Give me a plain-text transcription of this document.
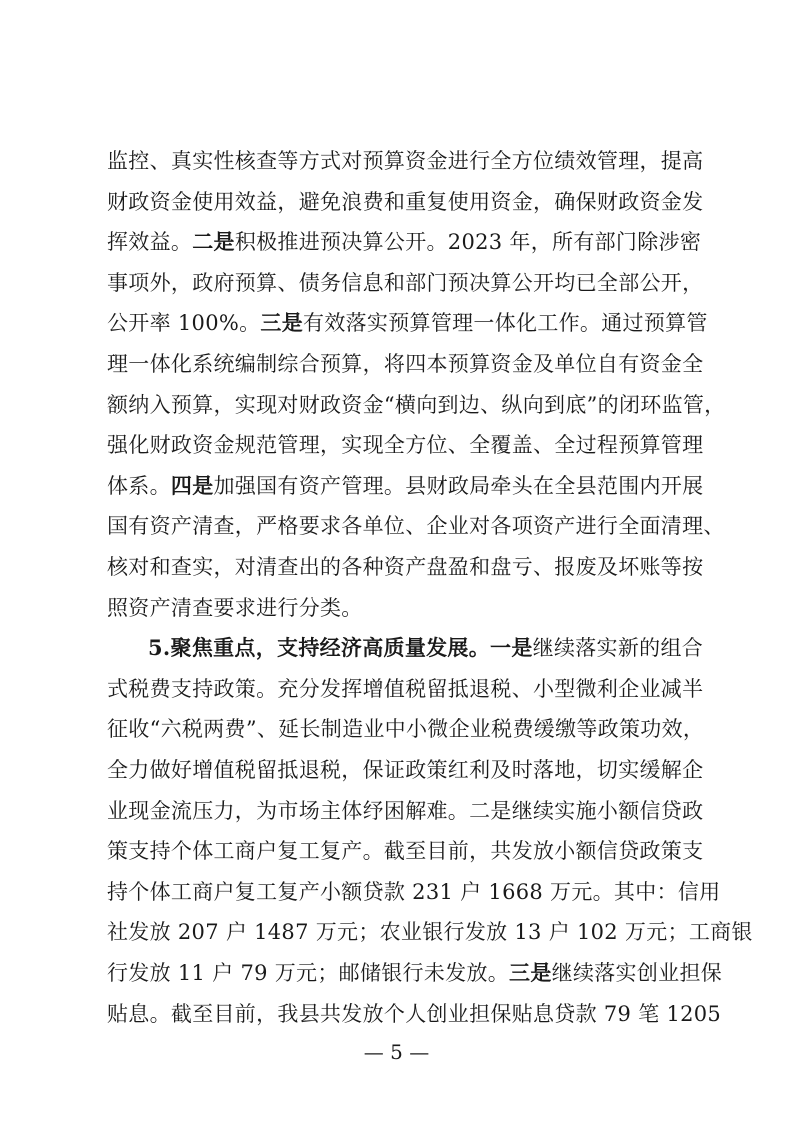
监控、真实性核查等方式对预算资金进行全方位绩效管理，提高
财政资金使用效益，避免浪费和重复使用资金，确保财政资金发
挥效益。二是积极推进预决算公开。2023 年，所有部门除涉密
事项外，政府预算、债务信息和部门预决算公开均已全部公开，
公开率 100%。三是有效落实预算管理一体化工作。通过预算管
理一体化系统编制综合预算，将四本预算资金及单位自有资金全
额纳入预算，实现对财政资金“横向到边、纵向到底”的闭环监管，
强化财政资金规范管理，实现全方位、全覆盖、全过程预算管理
体系。四是加强国有资产管理。县财政局牵头在全县范围内开展
国有资产清查，严格要求各单位、企业对各项资产进行全面清理、
核对和查实，对清查出的各种资产盘盈和盘亏、报废及坏账等按
照资产清查要求进行分类。
5.聚焦重点，支持经济高质量发展。一是继续落实新的组合
式税费支持政策。充分发挥增值税留抵退税、小型微利企业减半
征收“六税两费”、延长制造业中小微企业税费缓缴等政策功效，
全力做好增值税留抵退税，保证政策红利及时落地，切实缓解企
业现金流压力，为市场主体纾困解难。二是继续实施小额信贷政
策支持个体工商户复工复产。截至目前，共发放小额信贷政策支
持个体工商户复工复产小额贷款 231 户 1668 万元。其中：信用
社发放 207 户 1487 万元；农业银行发放 13 户 102 万元；工商银
行发放 11 户 79 万元；邮储银行未发放。三是继续落实创业担保
贴息。截至目前，我县共发放个人创业担保贴息贷款 79 笔 1205
— 5 —
